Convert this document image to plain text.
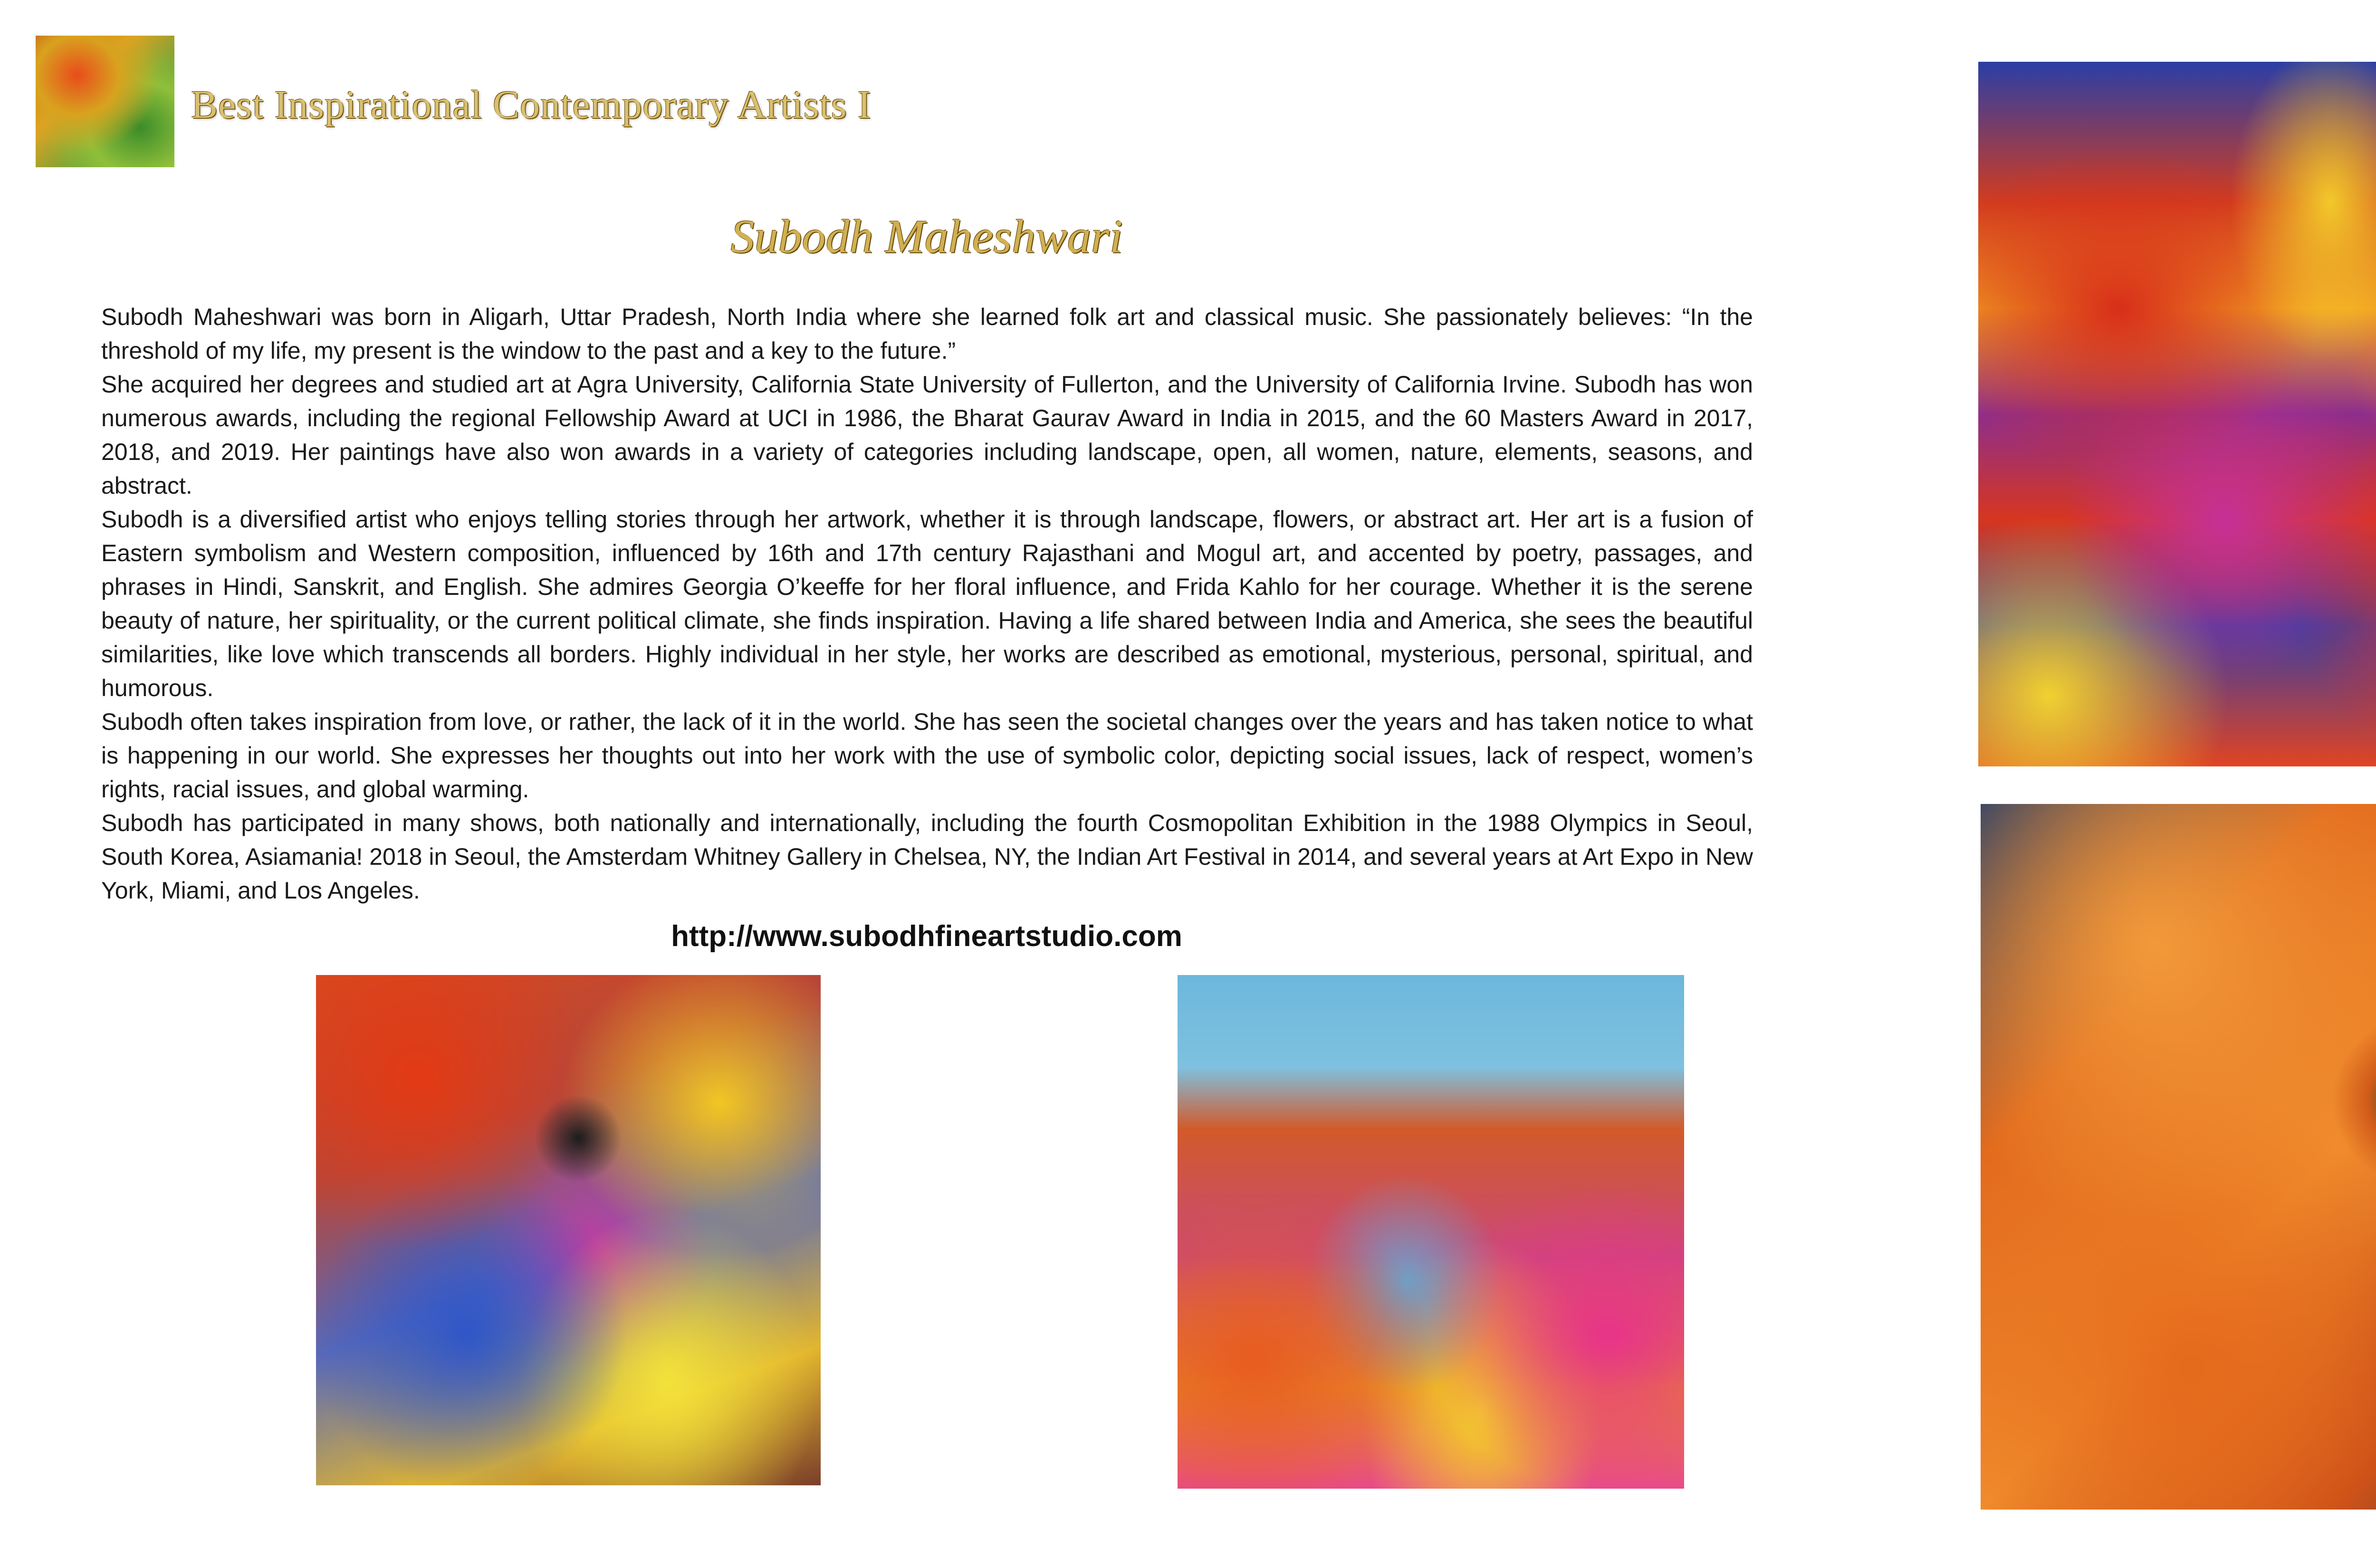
Best Inspirational Contemporary Artists I
Subodh Maheshwari

Subodh Maheshwari was born in Aligarh, Uttar Pradesh, North India where she learned folk art and classical music. She passionately believes: “In the threshold of my life, my present is the window to the past and a key to the future.”

She acquired her degrees and studied art at Agra University, California State University of Fullerton, and the University of California Irvine. Subodh has won numerous awards, including the regional Fellowship Award at UCI in 1986, the Bharat Gaurav Award in India in 2015, and the 60 Masters Award in 2017, 2018, and 2019. Her paintings have also won awards in a variety of categories including landscape, open, all women, nature, elements, seasons, and abstract.

Subodh is a diversified artist who enjoys telling stories through her artwork, whether it is through landscape, flowers, or abstract art. Her art is a fusion of Eastern symbolism and Western composition, influenced by 16th and 17th century Rajasthani and Mogul art, and accented by poetry, passages, and phrases in Hindi, Sanskrit, and English. She admires Georgia O’keeffe for her floral influence, and Frida Kahlo for her courage. Whether it is the serene beauty of nature, her spirituality, or the current political climate, she finds inspiration. Having a life shared between India and America, she sees the beautiful similarities, like love which transcends all borders. Highly individual in her style, her works are described as emotional, mysterious, personal, spiritual, and humorous.

Subodh often takes inspiration from love, or rather, the lack of it in the world. She has seen the societal changes over the years and has taken notice to what is happening in our world. She expresses her thoughts out into her work with the use of symbolic color, depicting social issues, lack of respect, women’s rights, racial issues, and global warming.

Subodh has participated in many shows, both nationally and internationally, including the fourth Cosmopolitan Exhibition in the 1988 Olympics in Seoul, South Korea, Asiamania! 2018 in Seoul, the Amsterdam Whitney Gallery in Chelsea, NY, the Indian Art Festival in 2014, and several years at Art Expo in New York, Miami, and Los Angeles.

http://www.subodhfineartstudio.com
